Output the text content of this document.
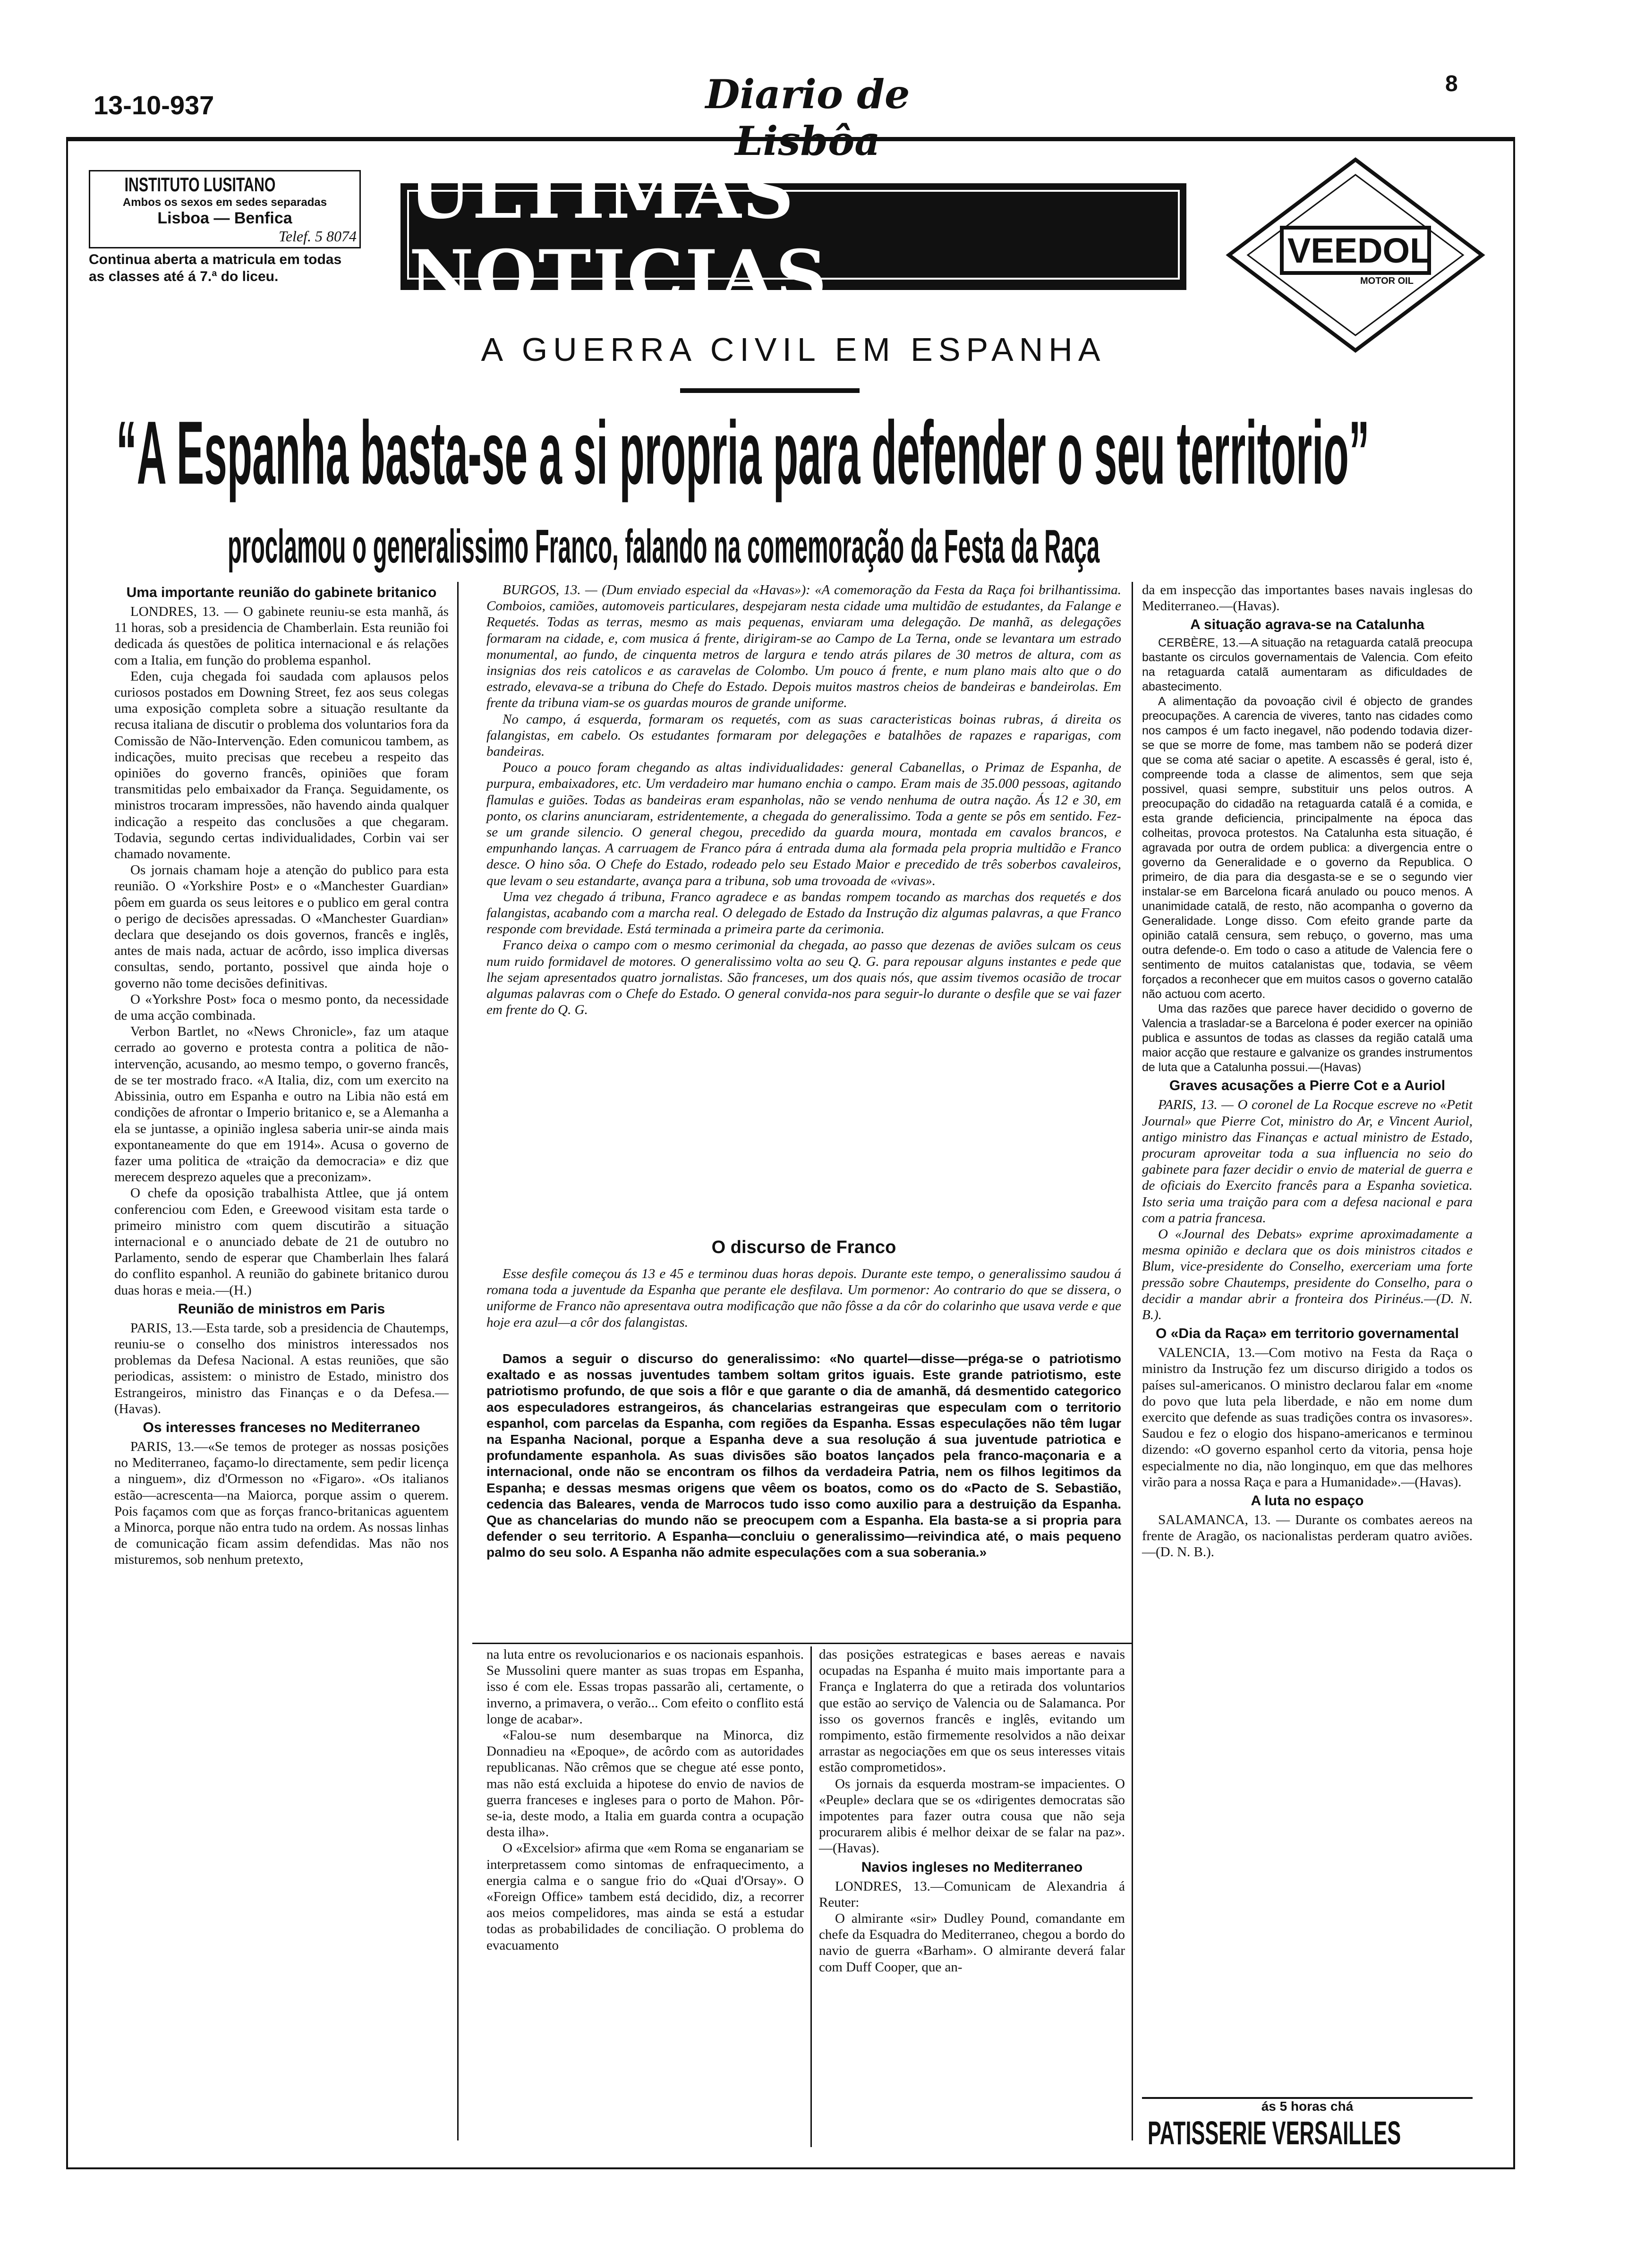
13-10-937	Diario de Lisbôa
8
INSTITUTO LUSITANO
Ambos os sexos em sedes separadas
Lisboa — Benfica
Telef. 5 8074
Continua aberta a matricula em todas as classes até á 7.ª do liceu.
ULTIMAS NOTICIAS	VEEDOL
MOTOR OIL
A GUERRA CIVIL EM ESPANHA
“A Espanha basta-se a si propria para defender o seu territorio”
proclamou o generalissimo Franco, falando na comemoração da Festa da Raça
Uma importante reunião do gabinete britanico

LONDRES, 13. — O gabinete reuniu-se esta manhã, ás 11 horas, sob a presidencia de Chamberlain. Esta reunião foi dedicada ás questões de politica internacional e ás relações com a Italia, em função do problema espanhol.

Eden, cuja chegada foi saudada com aplausos pelos curiosos postados em Downing Street, fez aos seus colegas uma exposição completa sobre a situação resultante da recusa italiana de discutir o problema dos voluntarios fora da Comissão de Não-Intervenção. Eden comunicou tambem, as indicações, muito precisas que recebeu a respeito das opiniões do governo francês, opiniões que foram transmitidas pelo embaixador da França. Seguidamente, os ministros trocaram impressões, não havendo ainda qualquer indicação a respeito das conclusões a que chegaram. Todavia, segundo certas individualidades, Corbin vai ser chamado novamente.

Os jornais chamam hoje a atenção do publico para esta reunião. O «Yorkshire Post» e o «Manchester Guardian» pôem em guarda os seus leitores e o publico em geral contra o perigo de decisões apressadas. O «Manchester Guardian» declara que desejando os dois governos, francês e inglês, antes de mais nada, actuar de acôrdo, isso implica diversas consultas, sendo, portanto, possivel que ainda hoje o governo não tome decisões definitivas.

O «Yorkshre Post» foca o mesmo ponto, da necessidade de uma acção combinada.

Verbon Bartlet, no «News Chronicle», faz um ataque cerrado ao governo e protesta contra a politica de não-intervenção, acusando, ao mesmo tempo, o governo francês, de se ter mostrado fraco. «A Italia, diz, com um exercito na Abissinia, outro em Espanha e outro na Libia não está em condições de afrontar o Imperio britanico e, se a Alemanha a ela se juntasse, a opinião inglesa saberia unir-se ainda mais expontaneamente do que em 1914». Acusa o governo de fazer uma politica de «traição da democracia» e diz que merecem desprezo aqueles que a preconizam».

O chefe da oposição trabalhista Attlee, que já ontem conferenciou com Eden, e Greewood visitam esta tarde o primeiro ministro com quem discutirão a situação internacional e o anunciado debate de 21 de outubro no Parlamento, sendo de esperar que Chamberlain lhes falará do conflito espanhol. A reunião do gabinete britanico durou duas horas e meia.—(H.)

Reunião de ministros em Paris

PARIS, 13.—Esta tarde, sob a presidencia de Chautemps, reuniu-se o conselho dos ministros interessados nos problemas da Defesa Nacional. A estas reuniões, que são periodicas, assistem: o ministro de Estado, ministro dos Estrangeiros, ministro das Finanças e o da Defesa.—(Havas).

Os interesses franceses no Mediterraneo

PARIS, 13.—«Se temos de proteger as nossas posições no Mediterraneo, façamo-lo directamente, sem pedir licença a ninguem», diz d'Ormesson no «Figaro». «Os italianos estão—acrescenta—na Maiorca, porque assim o querem. Pois façamos com que as forças franco-britanicas aguentem a Minorca, porque não entra tudo na ordem. As nossas linhas de comunicação ficam assim defendidas. Mas não nos misturemos, sob nenhum pretexto,

BURGOS, 13. — (Dum enviado especial da «Havas»): «A comemoração da Festa da Raça foi brilhantissima. Comboios, camiões, automoveis particulares, despejaram nesta cidade uma multidão de estudantes, da Falange e Requetés. Todas as terras, mesmo as mais pequenas, enviaram uma delegação. De manhã, as delegações formaram na cidade, e, com musica á frente, dirigiram-se ao Campo de La Terna, onde se levantara um estrado monumental, ao fundo, de cinquenta metros de largura e tendo atrás pilares de 30 metros de altura, com as insignias dos reis catolicos e as caravelas de Colombo. Um pouco á frente, e num plano mais alto que o do estrado, elevava-se a tribuna do Chefe do Estado. Depois muitos mastros cheios de bandeiras e bandeirolas. Em frente da tribuna viam-se os guardas mouros de grande uniforme.

No campo, á esquerda, formaram os requetés, com as suas caracteristicas boinas rubras, á direita os falangistas, em cabelo. Os estudantes formaram por delegações e batalhões de rapazes e raparigas, com bandeiras.

Pouco a pouco foram chegando as altas individualidades: general Cabanellas, o Primaz de Espanha, de purpura, embaixadores, etc. Um verdadeiro mar humano enchia o campo. Eram mais de 35.000 pessoas, agitando flamulas e guiões. Todas as bandeiras eram espanholas, não se vendo nenhuma de outra nação. Ás 12 e 30, em ponto, os clarins anunciaram, estridentemente, a chegada do generalissimo. Toda a gente se pôs em sentido. Fez-se um grande silencio. O general chegou, precedido da guarda moura, montada em cavalos brancos, e empunhando lanças. A carruagem de Franco pára á entrada duma ala formada pela propria multidão e Franco desce. O hino sôa. O Chefe do Estado, rodeado pelo seu Estado Maior e precedido de três soberbos cavaleiros, que levam o seu estandarte, avança para a tribuna, sob uma trovoada de «vivas».

Uma vez chegado á tribuna, Franco agradece e as bandas rompem tocando as marchas dos requetés e dos falangistas, acabando com a marcha real. O delegado de Estado da Instrução diz algumas palavras, a que Franco responde com brevidade. Está terminada a primeira parte da cerimonia.

Franco deixa o campo com o mesmo cerimonial da chegada, ao passo que dezenas de aviões sulcam os ceus num ruido formidavel de motores. O generalissimo volta ao seu Q. G. para repousar alguns instantes e pede que lhe sejam apresentados quatro jornalistas. São franceses, um dos quais nós, que assim tivemos ocasião de trocar algumas palavras com o Chefe do Estado. O general convida-nos para seguir-lo durante o desfile que se vai fazer em frente do Q. G.

O discurso de Franco

Esse desfile começou ás 13 e 45 e terminou duas horas depois. Durante este tempo, o generalissimo saudou á romana toda a juventude da Espanha que perante ele desfilava. Um pormenor: Ao contrario do que se dissera, o uniforme de Franco não apresentava outra modificação que não fôsse a da côr do colarinho que usava verde e que hoje era azul—a côr dos falangistas.

Damos a seguir o discurso do generalissimo: «No quartel—disse—préga-se o patriotismo exaltado e as nossas juventudes tambem soltam gritos iguais. Este grande patriotismo, este patriotismo profundo, de que sois a flôr e que garante o dia de amanhã, dá desmentido categorico aos especuladores estrangeiros, ás chancelarias estrangeiras que especulam com o territorio espanhol, com parcelas da Espanha, com regiões da Espanha. Essas especulações não têm lugar na Espanha Nacional, porque a Espanha deve a sua resolução á sua juventude patriotica e profundamente espanhola. As suas divisões são boatos lançados pela franco-maçonaria e a internacional, onde não se encontram os filhos da verdadeira Patria, nem os filhos legitimos da Espanha; e dessas mesmas origens que vêem os boatos, como os do «Pacto de S. Sebastião, cedencia das Baleares, venda de Marrocos tudo isso como auxilio para a destruição da Espanha. Que as chancelarias do mundo não se preocupem com a Espanha. Ela basta-se a si propria para defender o seu territorio. A Espanha—concluiu o generalissimo—reivindica até, o mais pequeno palmo do seu solo. A Espanha não admite especulações com a sua soberania.»

na luta entre os revolucionarios e os nacionais espanhois. Se Mussolini quere manter as suas tropas em Espanha, isso é com ele. Essas tropas passarão ali, certamente, o inverno, a primavera, o verão... Com efeito o conflito está longe de acabar».

«Falou-se num desembarque na Minorca, diz Donnadieu na «Epoque», de acôrdo com as autoridades republicanas. Não crêmos que se chegue até esse ponto, mas não está excluida a hipotese do envio de navios de guerra franceses e ingleses para o porto de Mahon. Pôr-se-ia, deste modo, a Italia em guarda contra a ocupação desta ilha».

O «Excelsior» afirma que «em Roma se enganariam se interpretassem como sintomas de enfraquecimento, a energia calma e o sangue frio do «Quai d'Orsay». O «Foreign Office» tambem está decidido, diz, a recorrer aos meios compelidores, mas ainda se está a estudar todas as probabilidades de conciliação. O problema do evacuamento

das posições estrategicas e bases aereas e navais ocupadas na Espanha é muito mais importante para a França e Inglaterra do que a retirada dos voluntarios que estão ao serviço de Valencia ou de Salamanca. Por isso os governos francês e inglês, evitando um rompimento, estão firmemente resolvidos a não deixar arrastar as negociações em que os seus interesses vitais estão comprometidos».

Os jornais da esquerda mostram-se impacientes. O «Peuple» declara que se os «dirigentes democratas são impotentes para fazer outra cousa que não seja procurarem alibis é melhor deixar de se falar na paz».—(Havas).

Navios ingleses no Mediterraneo

LONDRES, 13.—Comunicam de Alexandria á Reuter:

O almirante «sir» Dudley Pound, comandante em chefe da Esquadra do Mediterraneo, chegou a bordo do navio de guerra «Barham». O almirante deverá falar com Duff Cooper, que an-

da em inspecção das importantes bases navais inglesas do Mediterraneo.—(Havas).

A situação agrava-se na Catalunha

CERBÈRE, 13.—A situação na retaguarda catalã preocupa bastante os circulos governamentais de Valencia. Com efeito na retaguarda catalã aumentaram as dificuldades de abastecimento.

A alimentação da povoação civil é objecto de grandes preocupações. A carencia de viveres, tanto nas cidades como nos campos é um facto inegavel, não podendo todavia dizer-se que se morre de fome, mas tambem não se poderá dizer que se coma até saciar o apetite. A escassês é geral, isto é, compreende toda a classe de alimentos, sem que seja possivel, quasi sempre, substituir uns pelos outros. A preocupação do cidadão na retaguarda catalã é a comida, e esta grande deficiencia, principalmente na época das colheitas, provoca protestos. Na Catalunha esta situação, é agravada por outra de ordem publica: a divergencia entre o governo da Generalidade e o governo da Republica. O primeiro, de dia para dia desgasta-se e se o segundo vier instalar-se em Barcelona ficará anulado ou pouco menos. A unanimidade catalã, de resto, não acompanha o governo da Generalidade. Longe disso. Com efeito grande parte da opinião catalã censura, sem rebuço, o governo, mas uma outra defende-o. Em todo o caso a atitude de Valencia fere o sentimento de muitos catalanistas que, todavia, se vêem forçados a reconhecer que em muitos casos o governo catalão não actuou com acerto.

Uma das razões que parece haver decidido o governo de Valencia a trasladar-se a Barcelona é poder exercer na opinião publica e assuntos de todas as classes da região catalã uma maior acção que restaure e galvanize os grandes instrumentos de luta que a Catalunha possui.—(Havas)

Graves acusações a Pierre Cot e a Auriol

PARIS, 13. — O coronel de La Rocque escreve no «Petit Journal» que Pierre Cot, ministro do Ar, e Vincent Auriol, antigo ministro das Finanças e actual ministro de Estado, procuram aproveitar toda a sua influencia no seio do gabinete para fazer decidir o envio de material de guerra e de oficiais do Exercito francês para a Espanha sovietica. Isto seria uma traição para com a defesa nacional e para com a patria francesa.

O «Journal des Debats» exprime aproximadamente a mesma opinião e declara que os dois ministros citados e Blum, vice-presidente do Conselho, exerceriam uma forte pressão sobre Chautemps, presidente do Conselho, para o decidir a mandar abrir a fronteira dos Pirinéus.—(D. N. B.).

O «Dia da Raça» em territorio governamental

VALENCIA, 13.—Com motivo na Festa da Raça o ministro da Instrução fez um discurso dirigido a todos os países sul-americanos. O ministro declarou falar em «nome do povo que luta pela liberdade, e não em nome dum exercito que defende as suas tradições contra os invasores». Saudou e fez o elogio dos hispano-americanos e terminou dizendo: «O governo espanhol certo da vitoria, pensa hoje especialmente no dia, não longinquo, em que das melhores virão para a nossa Raça e para a Humanidade».—(Havas).

A luta no espaço

SALAMANCA, 13. — Durante os combates aereos na frente de Aragão, os nacionalistas perderam quatro aviões.—(D. N. B.).

ás 5 horas chá
PATISSERIE VERSAILLES
